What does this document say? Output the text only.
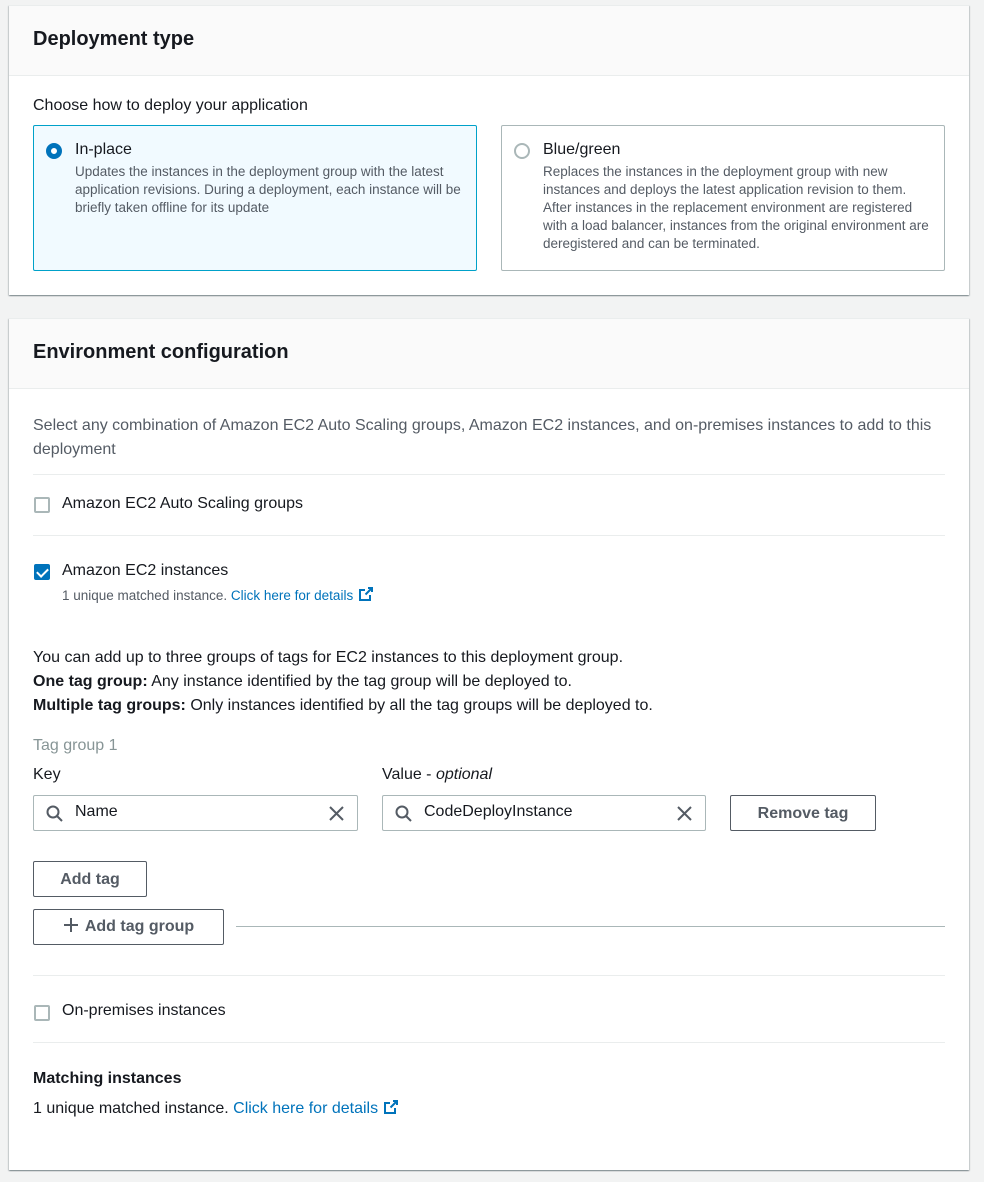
Deployment type
Choose how to deploy your application
In-place
Updates the instances in the deployment group with the latest application revisions. During a deployment, each instance will be briefly taken offline for its update
Blue/green
Replaces the instances in the deployment group with new instances and deploys the latest application revision to them. After instances in the replacement environment are registered with a load balancer, instances from the original environment are deregistered and can be terminated.
Environment configuration
Select any combination of Amazon EC2 Auto Scaling groups, Amazon EC2 instances, and on-premises instances to add to this deployment
Amazon EC2 Auto Scaling groups
Amazon EC2 instances
1 unique matched instance. Click here for details
You can add up to three groups of tags for EC2 instances to this deployment group.
One tag group: Any instance identified by the tag group will be deployed to.
Multiple tag groups: Only instances identified by all the tag groups will be deployed to.
Tag group 1
Key	Value - optional
Name	CodeDeployInstance	Remove tag
Add tag
Add tag group
On-premises instances
Matching instances
1 unique matched instance. Click here for details
